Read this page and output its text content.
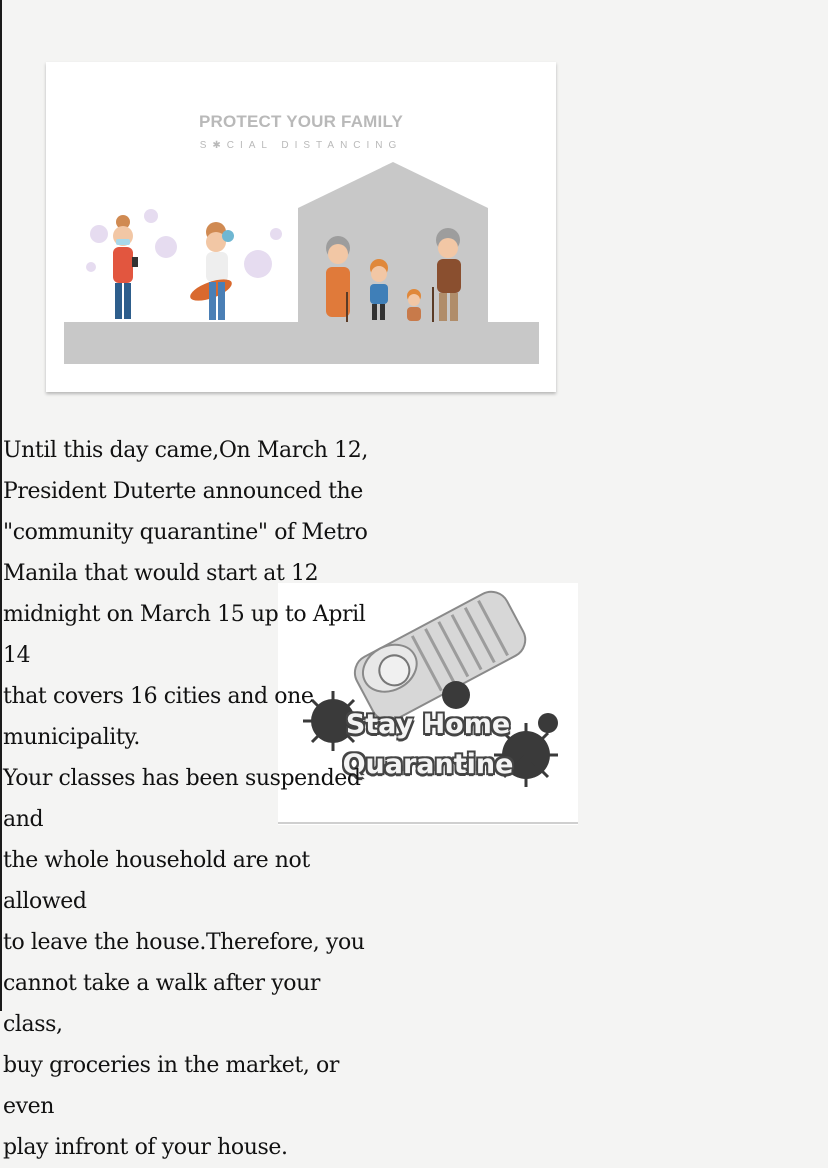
PROTECT YOUR FAMILY
S✱CIAL DISTANCING
Stay Home
Quarantine
Until this day came,On March 12,
President Duterte announced the
"community quarantine" of Metro
Manila that would start at 12
midnight on March 15 up to April 14
that covers 16 cities and one
municipality.
Your classes has been suspended and
the whole household are not allowed
to leave the house.Therefore, you
cannot take a walk after your class,
buy groceries in the market, or even
play infront of your house.
